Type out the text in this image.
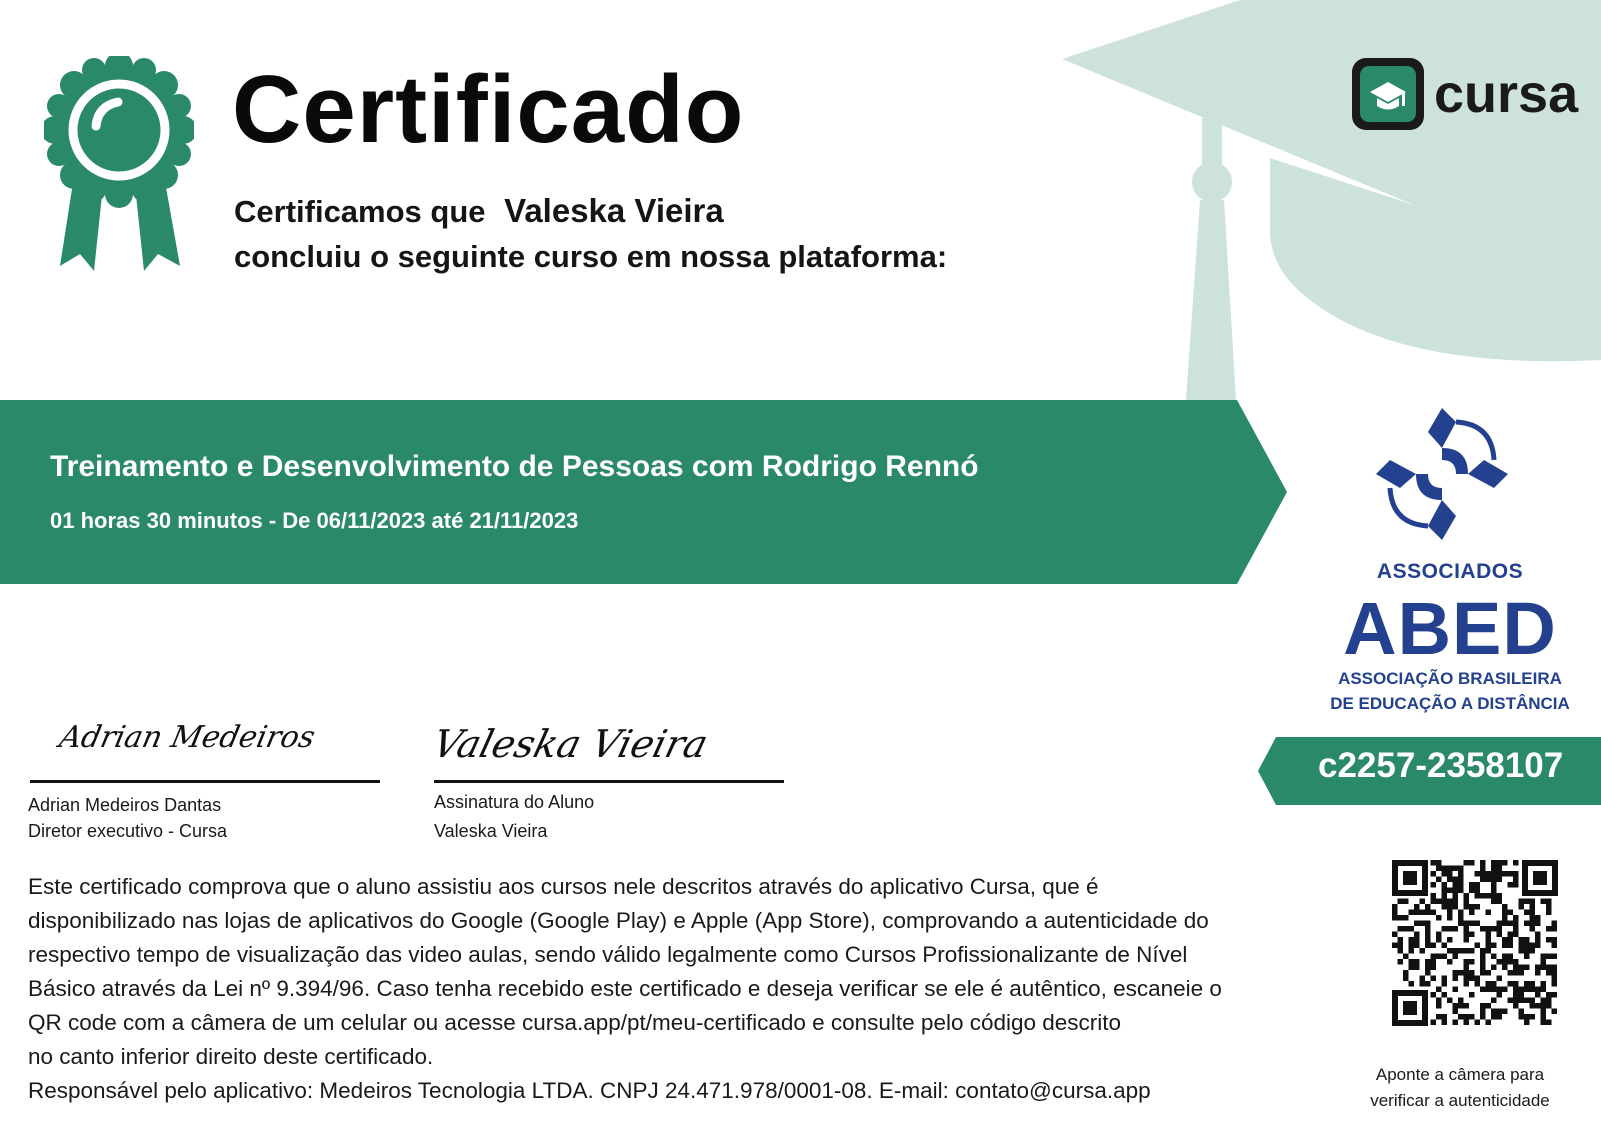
Certificado
Certificamos que Valeska Vieira
concluiu o seguinte curso em nossa plataforma:
cursa
Treinamento e Desenvolvimento de Pessoas com Rodrigo Rennó
01 horas 30 minutos - De 06/11/2023 até 21/11/2023
ASSOCIADOS
ABED
ASSOCIAÇÃO BRASILEIRA
DE EDUCAÇÃO A DISTÂNCIA
c2257-2358107
Adrian Medeiros	Valeska Vieira
Adrian Medeiros Dantas
Diretor executivo - Cursa
Assinatura do Aluno
Valeska Vieira
Este certificado comprova que o aluno assistiu aos cursos nele descritos através do aplicativo Cursa, que é
disponibilizado nas lojas de aplicativos do Google (Google Play) e Apple (App Store), comprovando a autenticidade do
respectivo tempo de visualização das video aulas, sendo válido legalmente como Cursos Profissionalizante de Nível
Básico através da Lei nº 9.394/96. Caso tenha recebido este certificado e deseja verificar se ele é autêntico, escaneie o
QR code com a câmera de um celular ou acesse cursa.app/pt/meu-certificado e consulte pelo código descrito
no canto inferior direito deste certificado.
Responsável pelo aplicativo: Medeiros Tecnologia LTDA. CNPJ 24.471.978/0001-08. E-mail: contato@cursa.app
Aponte a câmera para
verificar a autenticidade
